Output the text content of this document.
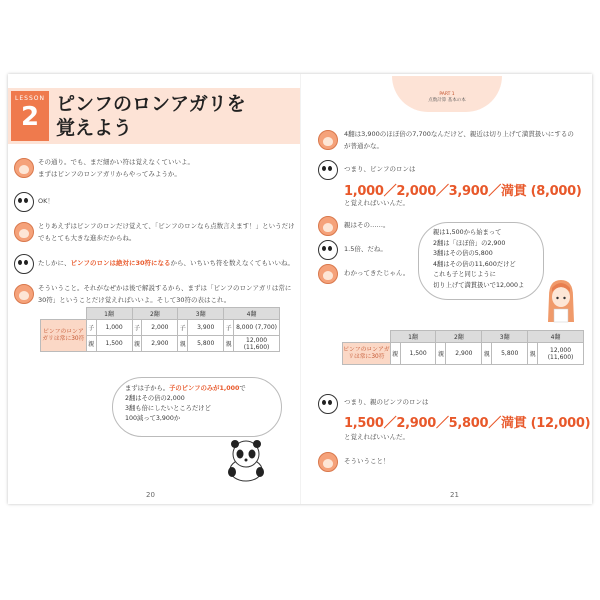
LESSON
2 ピンフのロンアガリを
覚えよう
その通り。でも、まだ細かい符は覚えなくていいよ。
まずはピンフのロンアガリからやってみようか。
OK！
とりあえずはピンフのロンだけ覚えて、「ピンフのロンなら点数言えます！」というだけ
でもとても大きな進歩だからね。
たしかに、ピンフのロンは絶対に30符になるから、いちいち符を数えなくてもいいね。
そういうこと。それがなぜかは後で解説するから、まずは「ピンフのロンアガリは常に
30符」ということだけ覚えればいいよ。そして30符の表はこれ。
	1翻		2翻		3翻		4翻	
ピンフのロンアガリは常に30符	子	1,000	子	2,000	子	3,900	子	8,000 (7,700)
	親	1,500	親	2,900	親	5,800	親	12,000 (11,600)
まずは子から。子のピンフのみが1,000で
2翻はその倍の2,000
3翻も倍にしたいところだけど
100減って3,900か
20
PART 1
点数計算 基本の本
4翻は3,900のほぼ倍の7,700なんだけど、親近は切り上げて満貫扱いにするの
が普通かな。
つまり、ピンフのロンは
1,000／2,000／3,900／満貫 (8,000)
と覚えればいいんだ。
親はその……。
1.5倍、だね。
わかってきたじゃん。
親は1,500から始まって
2翻は「ほぼ倍」の2,900
3翻はその倍の5,800
4翻はその倍の11,600だけど
これも子と同じように
切り上げて満貫扱いで12,000よ
	1翻		2翻		3翻		4翻	
ピンフのロンアガリは常に30符	親	1,500	親	2,900	親	5,800	親	12,000 (11,600)
つまり、親のピンフのロンは
1,500／2,900／5,800／満貫 (12,000)
と覚えればいいんだ。
そういうこと！
21
